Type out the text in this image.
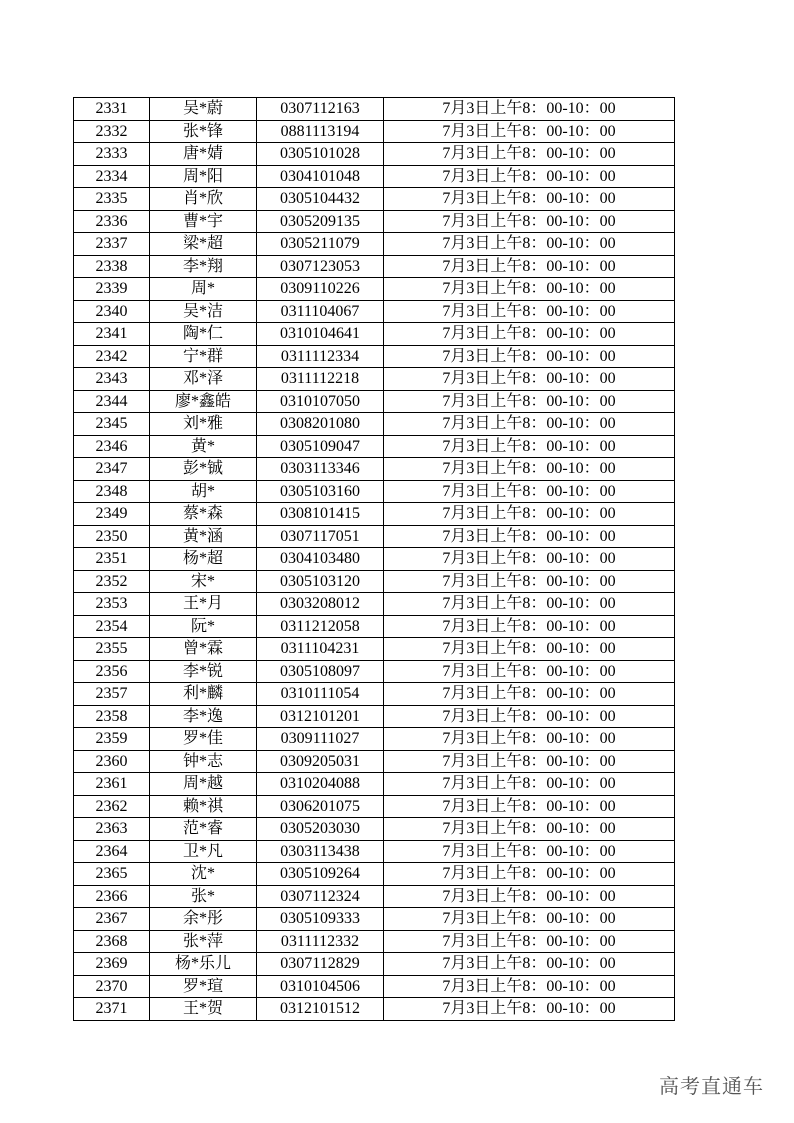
2331	吴*蔚	0307112163	7月3日上午8：00-10：00
2332	张*锋	0881113194	7月3日上午8：00-10：00
2333	唐*婧	0305101028	7月3日上午8：00-10：00
2334	周*阳	0304101048	7月3日上午8：00-10：00
2335	肖*欣	0305104432	7月3日上午8：00-10：00
2336	曹*宇	0305209135	7月3日上午8：00-10：00
2337	梁*超	0305211079	7月3日上午8：00-10：00
2338	李*翔	0307123053	7月3日上午8：00-10：00
2339	周*	0309110226	7月3日上午8：00-10：00
2340	吴*洁	0311104067	7月3日上午8：00-10：00
2341	陶*仁	0310104641	7月3日上午8：00-10：00
2342	宁*群	0311112334	7月3日上午8：00-10：00
2343	邓*泽	0311112218	7月3日上午8：00-10：00
2344	廖*鑫皓	0310107050	7月3日上午8：00-10：00
2345	刘*雅	0308201080	7月3日上午8：00-10：00
2346	黄*	0305109047	7月3日上午8：00-10：00
2347	彭*铖	0303113346	7月3日上午8：00-10：00
2348	胡*	0305103160	7月3日上午8：00-10：00
2349	蔡*森	0308101415	7月3日上午8：00-10：00
2350	黄*涵	0307117051	7月3日上午8：00-10：00
2351	杨*超	0304103480	7月3日上午8：00-10：00
2352	宋*	0305103120	7月3日上午8：00-10：00
2353	王*月	0303208012	7月3日上午8：00-10：00
2354	阮*	0311212058	7月3日上午8：00-10：00
2355	曾*霖	0311104231	7月3日上午8：00-10：00
2356	李*锐	0305108097	7月3日上午8：00-10：00
2357	利*麟	0310111054	7月3日上午8：00-10：00
2358	李*逸	0312101201	7月3日上午8：00-10：00
2359	罗*佳	0309111027	7月3日上午8：00-10：00
2360	钟*志	0309205031	7月3日上午8：00-10：00
2361	周*越	0310204088	7月3日上午8：00-10：00
2362	赖*祺	0306201075	7月3日上午8：00-10：00
2363	范*睿	0305203030	7月3日上午8：00-10：00
2364	卫*凡	0303113438	7月3日上午8：00-10：00
2365	沈*	0305109264	7月3日上午8：00-10：00
2366	张*	0307112324	7月3日上午8：00-10：00
2367	余*彤	0305109333	7月3日上午8：00-10：00
2368	张*萍	0311112332	7月3日上午8：00-10：00
2369	杨*乐儿	0307112829	7月3日上午8：00-10：00
2370	罗*瑄	0310104506	7月3日上午8：00-10：00
2371	王*贺	0312101512	7月3日上午8：00-10：00
高考直通车
